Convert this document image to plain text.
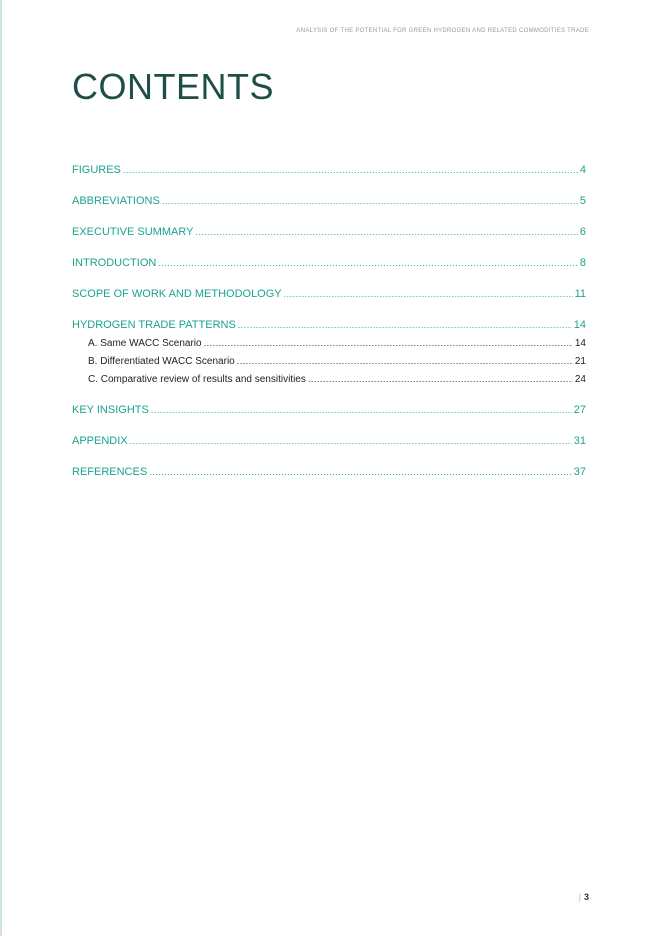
ANALYSIS OF THE POTENTIAL FOR GREEN HYDROGEN AND RELATED COMMODITIES TRADE
CONTENTS
FIGURES .....	4
ABBREVIATIONS .....	5
EXECUTIVE SUMMARY .....	6
INTRODUCTION .....	8
SCOPE OF WORK AND METHODOLOGY .....	11
HYDROGEN TRADE PATTERNS .....	14
A. Same WACC Scenario .....	14
B. Differentiated WACC Scenario .....	21
C. Comparative review of results and sensitivities .....	24
KEY INSIGHTS .....	27
APPENDIX .....	31
REFERENCES .....	37
| 3
